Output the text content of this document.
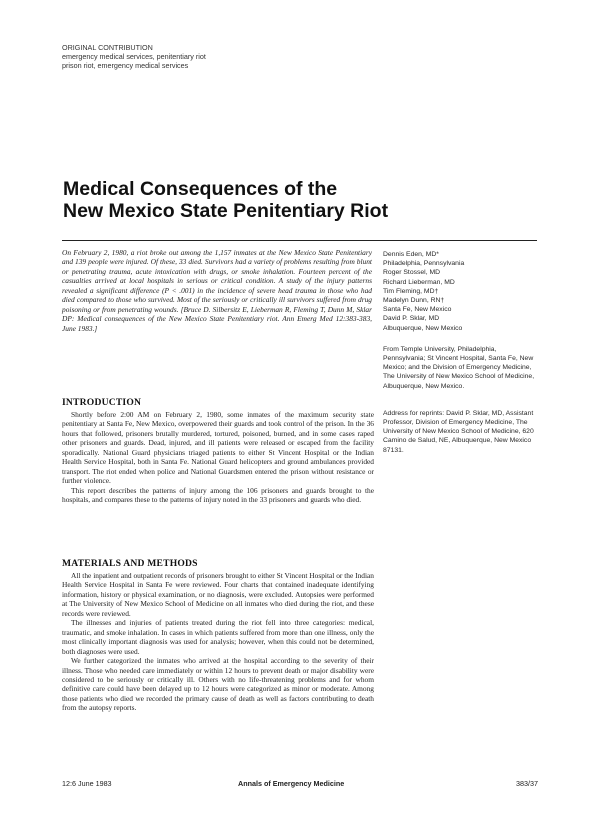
ORIGINAL CONTRIBUTION
emergency medical services, penitentiary riot
prison riot, emergency medical services
Medical Consequences of the
New Mexico State Penitentiary Riot

On February 2, 1980, a riot broke out among the 1,157 inmates at the New Mexico State Penitentiary and 139 people were injured. Of these, 33 died. Survivors had a variety of problems resulting from blunt or penetrating trauma, acute intoxication with drugs, or smoke inhalation. Fourteen percent of the casualties arrived at local hospitals in serious or critical condition. A study of the injury patterns revealed a significant difference (P < .001) in the incidence of severe head trauma in those who had died compared to those who survived. Most of the seriously or critically ill survivors suffered from drug poisoning or from penetrating wounds. [Bruce D. Silbersitz E, Lieberman R, Fleming T, Dunn M, Sklar DP: Medical consequences of the New Mexico State Penitentiary riot. Ann Emerg Med 12:383-383, June 1983.]

Dennis Eden, MD*
Philadelphia, Pennsylvania
Roger Stossel, MD
Richard Lieberman, MD
Tim Fleming, MD†
Madelyn Dunn, RN†
Santa Fe, New Mexico
David P. Sklar, MD
Albuquerque, New Mexico
From Temple University, Philadelphia, Pennsylvania; St Vincent Hospital, Santa Fe, New Mexico; and the Division of Emergency Medicine, The University of New Mexico School of Medicine, Albuquerque, New Mexico.
Address for reprints: David P. Sklar, MD, Assistant Professor, Division of Emergency Medicine, The University of New Mexico School of Medicine, 620 Camino de Salud, NE, Albuquerque, New Mexico 87131.
INTRODUCTION

Shortly before 2:00 AM on February 2, 1980, some inmates of the maximum security state penitentiary at Santa Fe, New Mexico, overpowered their guards and took control of the prison. In the 36 hours that followed, prisoners brutally murdered, tortured, poisoned, burned, and in some cases raped other prisoners and guards. Dead, injured, and ill patients were released or escaped from the facility sporadically. National Guard physicians triaged patients to either St Vincent Hospital or the Indian Health Service Hospital, both in Santa Fe. National Guard helicopters and ground ambulances provided transport. The riot ended when police and National Guardsmen entered the prison without resistance or further violence.

This report describes the patterns of injury among the 106 prisoners and guards brought to the hospitals, and compares these to the patterns of injury noted in the 33 prisoners and guards who died.

MATERIALS AND METHODS

All the inpatient and outpatient records of prisoners brought to either St Vincent Hospital or the Indian Health Service Hospital in Santa Fe were reviewed. Four charts that contained inadequate identifying information, history or physical examination, or no diagnosis, were excluded. Autopsies were performed at The University of New Mexico School of Medicine on all inmates who died during the riot, and these records were reviewed.

The illnesses and injuries of patients treated during the riot fell into three categories: medical, traumatic, and smoke inhalation. In cases in which patients suffered from more than one illness, only the most clinically important diagnosis was used for analysis; however, when this could not be determined, both diagnoses were used.

We further categorized the inmates who arrived at the hospital according to the severity of their illness. Those who needed care immediately or within 12 hours to prevent death or major disability were considered to be seriously or critically ill. Others with no life-threatening problems and for whom definitive care could have been delayed up to 12 hours were categorized as minor or moderate. Among those patients who died we recorded the primary cause of death as well as factors contributing to death from the autopsy reports.

12:6 June 1983	Annals of Emergency Medicine	383/37
